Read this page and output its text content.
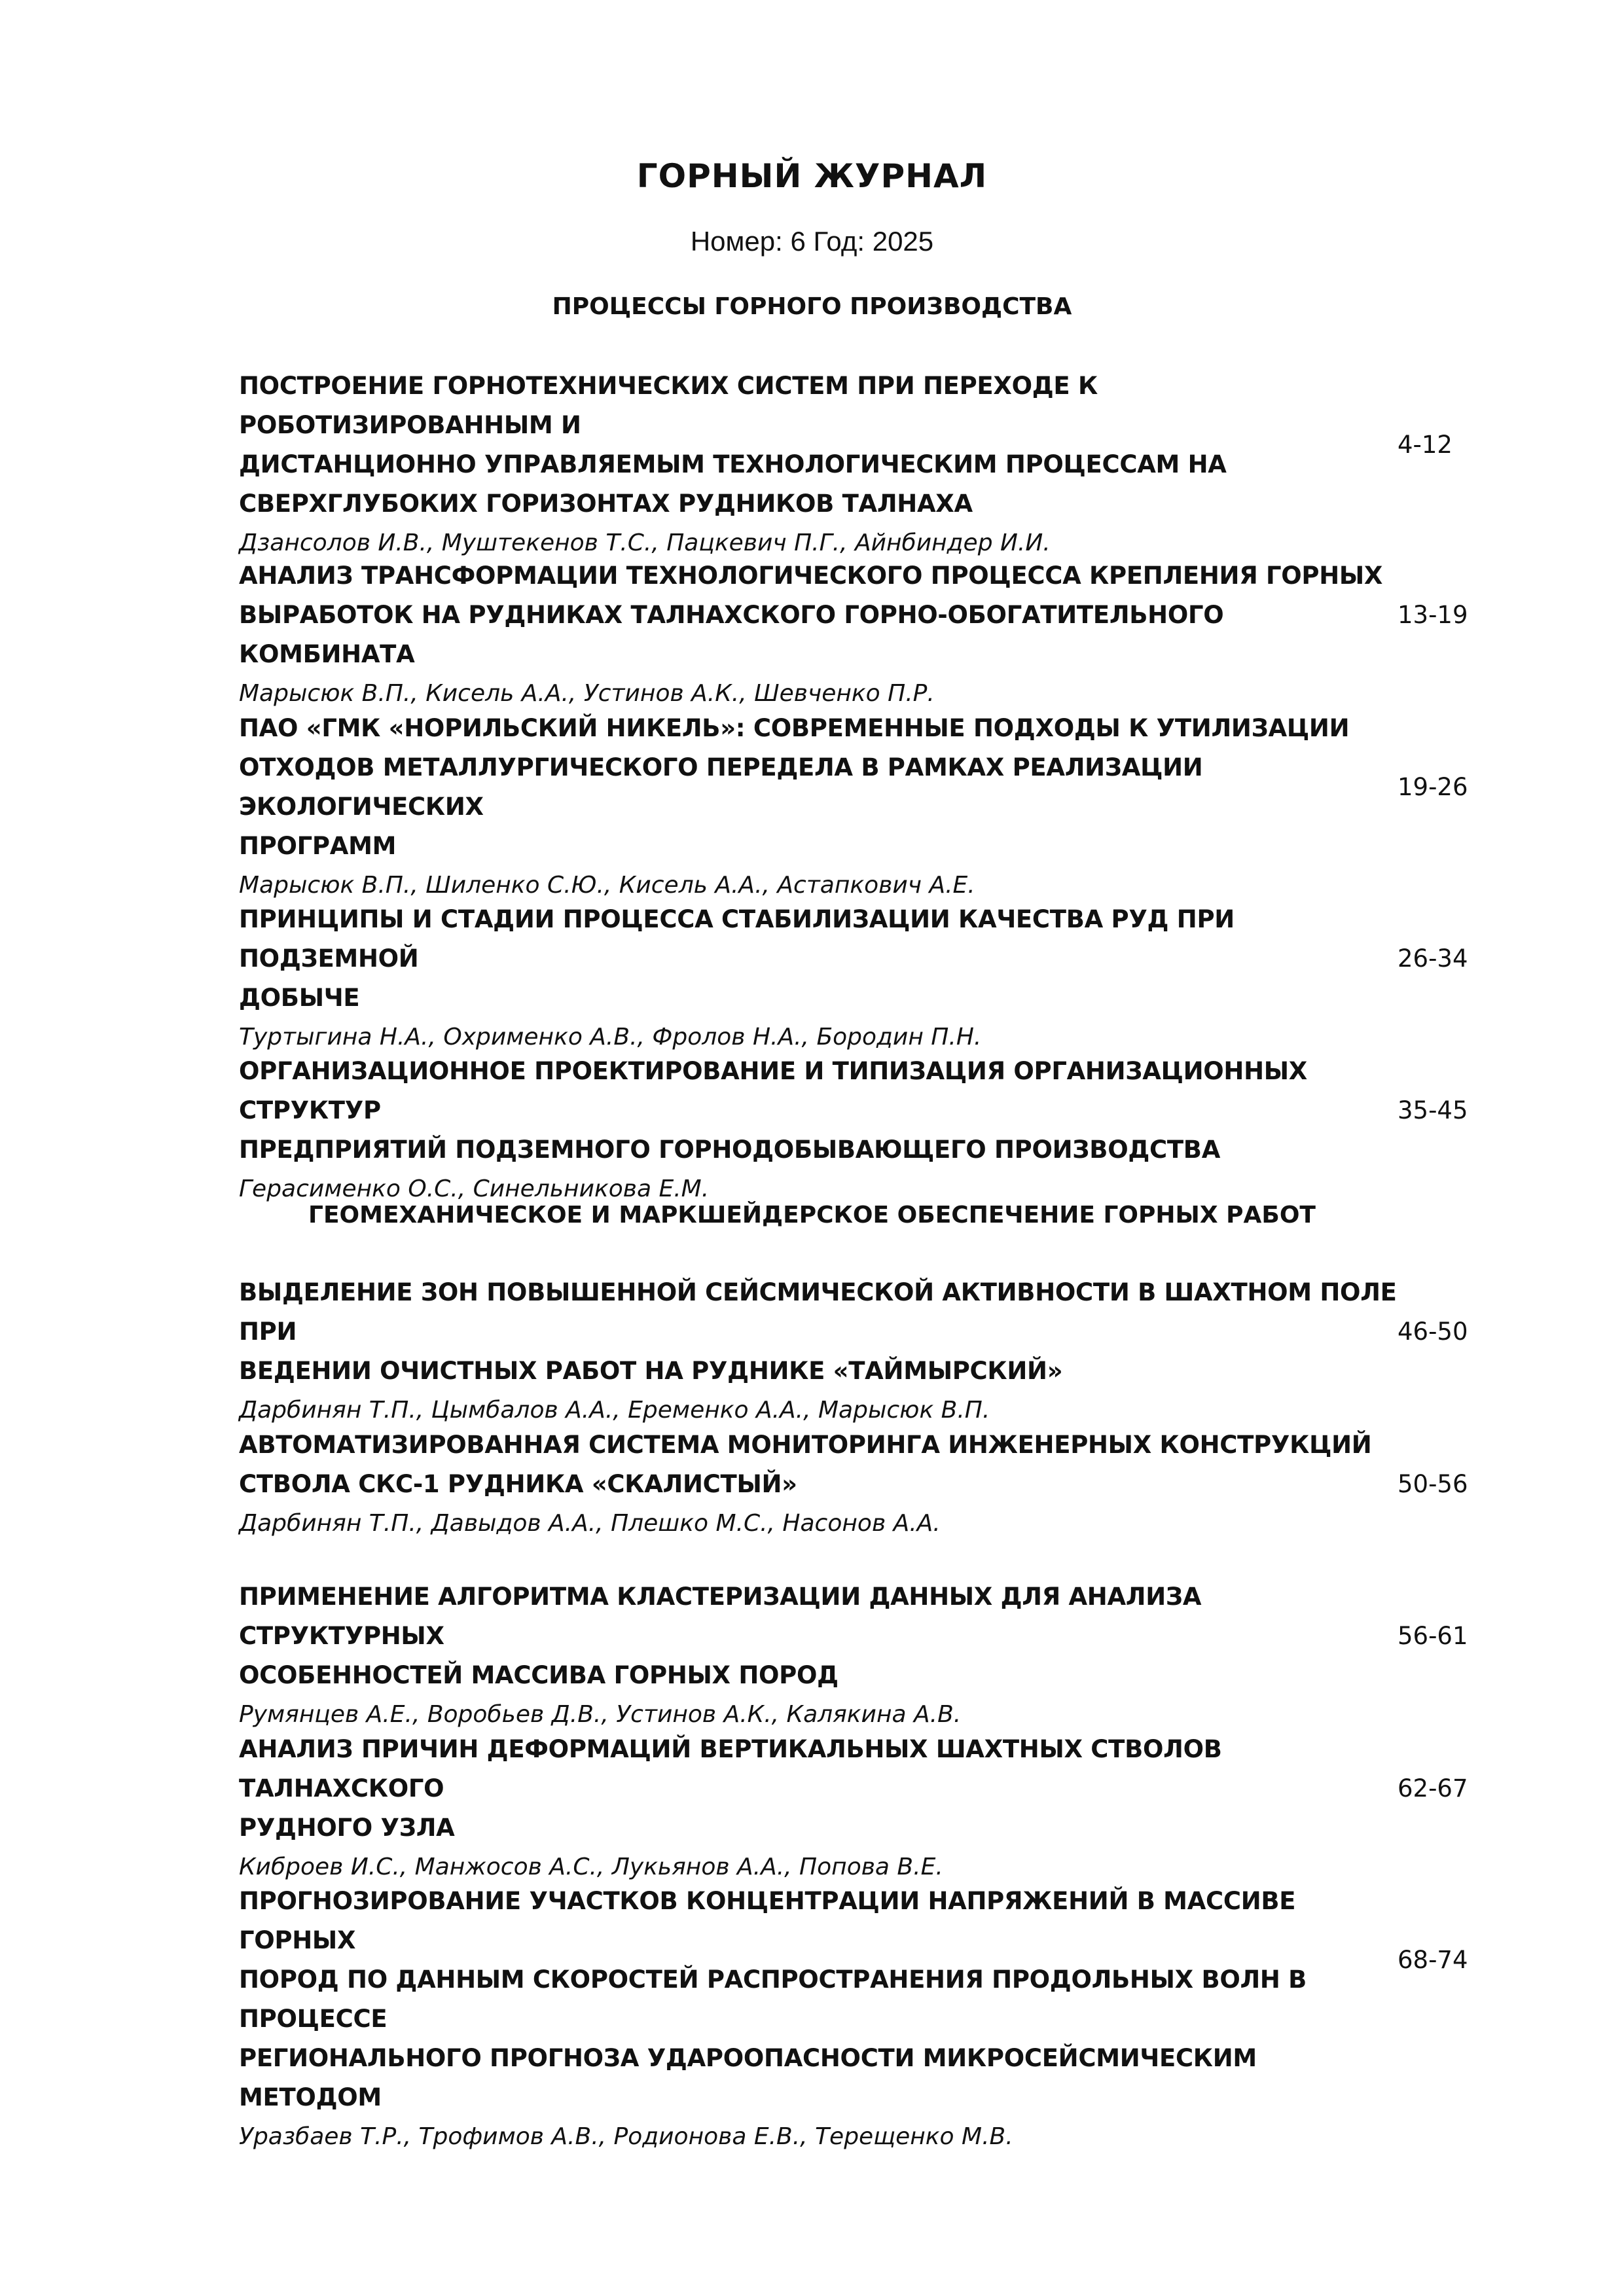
ГОРНЫЙ ЖУРНАЛ
Номер: 6 Год: 2025
ПРОЦЕССЫ ГОРНОГО ПРОИЗВОДСТВА

ПОСТРОЕНИЕ ГОРНОТЕХНИЧЕСКИХ СИСТЕМ ПРИ ПЕРЕХОДЕ К РОБОТИЗИРОВАННЫМ И
ДИСТАНЦИОННО УПРАВЛЯЕМЫМ ТЕХНОЛОГИЧЕСКИМ ПРОЦЕССАМ НА
СВЕРХГЛУБОКИХ ГОРИЗОНТАХ РУДНИКОВ ТАЛНАХА

Дзансолов И.В., Муштекенов Т.С., Пацкевич П.Г., Айнбиндер И.И.

4-12

АНАЛИЗ ТРАНСФОРМАЦИИ ТЕХНОЛОГИЧЕСКОГО ПРОЦЕССА КРЕПЛЕНИЯ ГОРНЫХ
ВЫРАБОТОК НА РУДНИКАХ ТАЛНАХСКОГО ГОРНО-ОБОГАТИТЕЛЬНОГО КОМБИНАТА

Марысюк В.П., Кисель А.А., Устинов А.К., Шевченко П.Р.

13-19

ПАО «ГМК «НОРИЛЬСКИЙ НИКЕЛЬ»: СОВРЕМЕННЫЕ ПОДХОДЫ К УТИЛИЗАЦИИ
ОТХОДОВ МЕТАЛЛУРГИЧЕСКОГО ПЕРЕДЕЛА В РАМКАХ РЕАЛИЗАЦИИ ЭКОЛОГИЧЕСКИХ
ПРОГРАММ

Марысюк В.П., Шиленко С.Ю., Кисель А.А., Астапкович А.Е.

19-26

ПРИНЦИПЫ И СТАДИИ ПРОЦЕССА СТАБИЛИЗАЦИИ КАЧЕСТВА РУД ПРИ ПОДЗЕМНОЙ
ДОБЫЧЕ

Туртыгина Н.А., Охрименко А.В., Фролов Н.А., Бородин П.Н.

26-34

ОРГАНИЗАЦИОННОЕ ПРОЕКТИРОВАНИЕ И ТИПИЗАЦИЯ ОРГАНИЗАЦИОННЫХ СТРУКТУР
ПРЕДПРИЯТИЙ ПОДЗЕМНОГО ГОРНОДОБЫВАЮЩЕГО ПРОИЗВОДСТВА

Герасименко О.С., Синельникова Е.М.

35-45
ГЕОМЕХАНИЧЕСКОЕ И МАРКШЕЙДЕРСКОЕ ОБЕСПЕЧЕНИЕ ГОРНЫХ РАБОТ

ВЫДЕЛЕНИЕ ЗОН ПОВЫШЕННОЙ СЕЙСМИЧЕСКОЙ АКТИВНОСТИ В ШАХТНОМ ПОЛЕ ПРИ
ВЕДЕНИИ ОЧИСТНЫХ РАБОТ НА РУДНИКЕ «ТАЙМЫРСКИЙ»

Дарбинян Т.П., Цымбалов А.А., Еременко А.А., Марысюк В.П.

46-50

АВТОМАТИЗИРОВАННАЯ СИСТЕМА МОНИТОРИНГА ИНЖЕНЕРНЫХ КОНСТРУКЦИЙ
СТВОЛА СКС-1 РУДНИКА «СКАЛИСТЫЙ»

Дарбинян Т.П., Давыдов А.А., Плешко М.С., Насонов А.А.

50-56

ПРИМЕНЕНИЕ АЛГОРИТМА КЛАСТЕРИЗАЦИИ ДАННЫХ ДЛЯ АНАЛИЗА СТРУКТУРНЫХ
ОСОБЕННОСТЕЙ МАССИВА ГОРНЫХ ПОРОД

Румянцев А.Е., Воробьев Д.В., Устинов А.К., Калякина А.В.

56-61

АНАЛИЗ ПРИЧИН ДЕФОРМАЦИЙ ВЕРТИКАЛЬНЫХ ШАХТНЫХ СТВОЛОВ ТАЛНАХСКОГО
РУДНОГО УЗЛА

Киброев И.С., Манжосов А.С., Лукьянов А.А., Попова В.Е.

62-67

ПРОГНОЗИРОВАНИЕ УЧАСТКОВ КОНЦЕНТРАЦИИ НАПРЯЖЕНИЙ В МАССИВЕ ГОРНЫХ
ПОРОД ПО ДАННЫМ СКОРОСТЕЙ РАСПРОСТРАНЕНИЯ ПРОДОЛЬНЫХ ВОЛН В ПРОЦЕССЕ
РЕГИОНАЛЬНОГО ПРОГНОЗА УДАРООПАСНОСТИ МИКРОСЕЙСМИЧЕСКИМ МЕТОДОМ

Уразбаев Т.Р., Трофимов А.В., Родионова Е.В., Терещенко М.В.

68-74
